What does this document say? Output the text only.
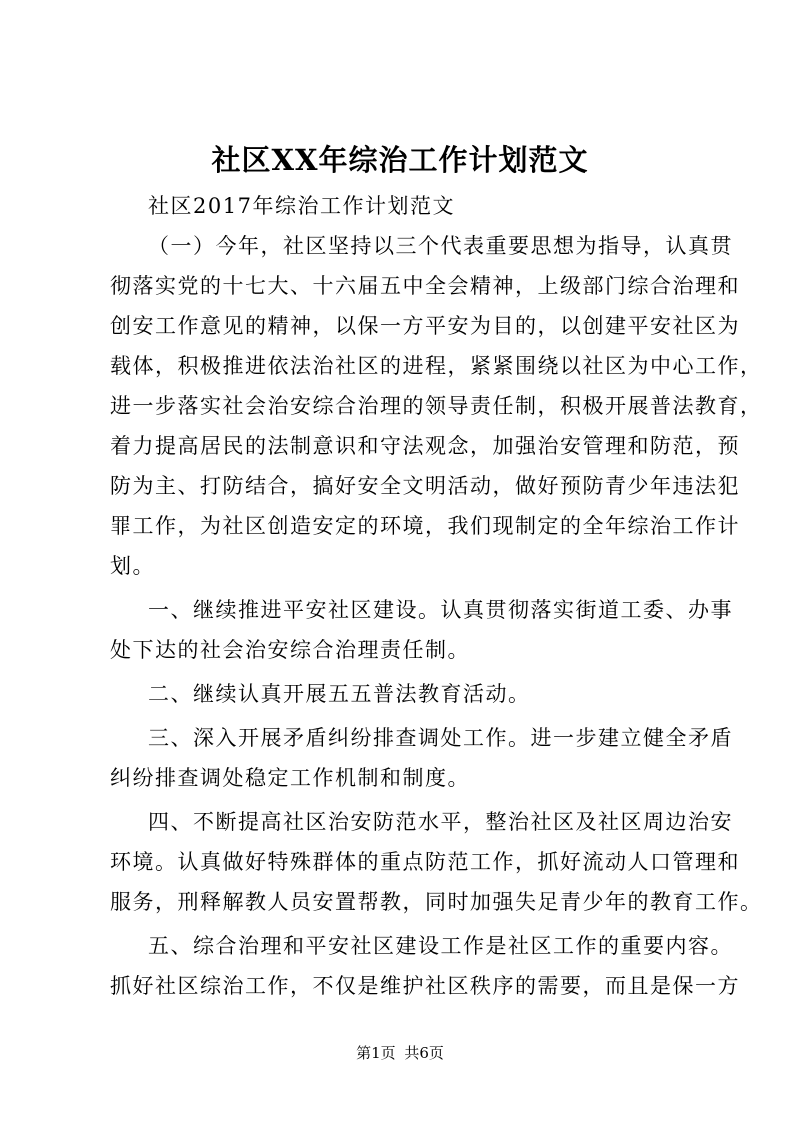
社区XX年综治工作计划范文
社区2017年综治工作计划范文
（一）今年，社区坚持以三个代表重要思想为指导，认真贯
彻落实党的十七大、十六届五中全会精神，上级部门综合治理和
创安工作意见的精神，以保一方平安为目的，以创建平安社区为
载体，积极推进依法治社区的进程，紧紧围绕以社区为中心工作，
进一步落实社会治安综合治理的领导责任制，积极开展普法教育，
着力提高居民的法制意识和守法观念，加强治安管理和防范，预
防为主、打防结合，搞好安全文明活动，做好预防青少年违法犯
罪工作，为社区创造安定的环境，我们现制定的全年综治工作计
划。
一、继续推进平安社区建设。认真贯彻落实街道工委、办事
处下达的社会治安综合治理责任制。
二、继续认真开展五五普法教育活动。
三、深入开展矛盾纠纷排查调处工作。进一步建立健全矛盾
纠纷排查调处稳定工作机制和制度。
四、不断提高社区治安防范水平，整治社区及社区周边治安
环境。认真做好特殊群体的重点防范工作，抓好流动人口管理和
服务，刑释解教人员安置帮教，同时加强失足青少年的教育工作。
五、综合治理和平安社区建设工作是社区工作的重要内容。
抓好社区综治工作，不仅是维护社区秩序的需要，而且是保一方
第1页 共6页
